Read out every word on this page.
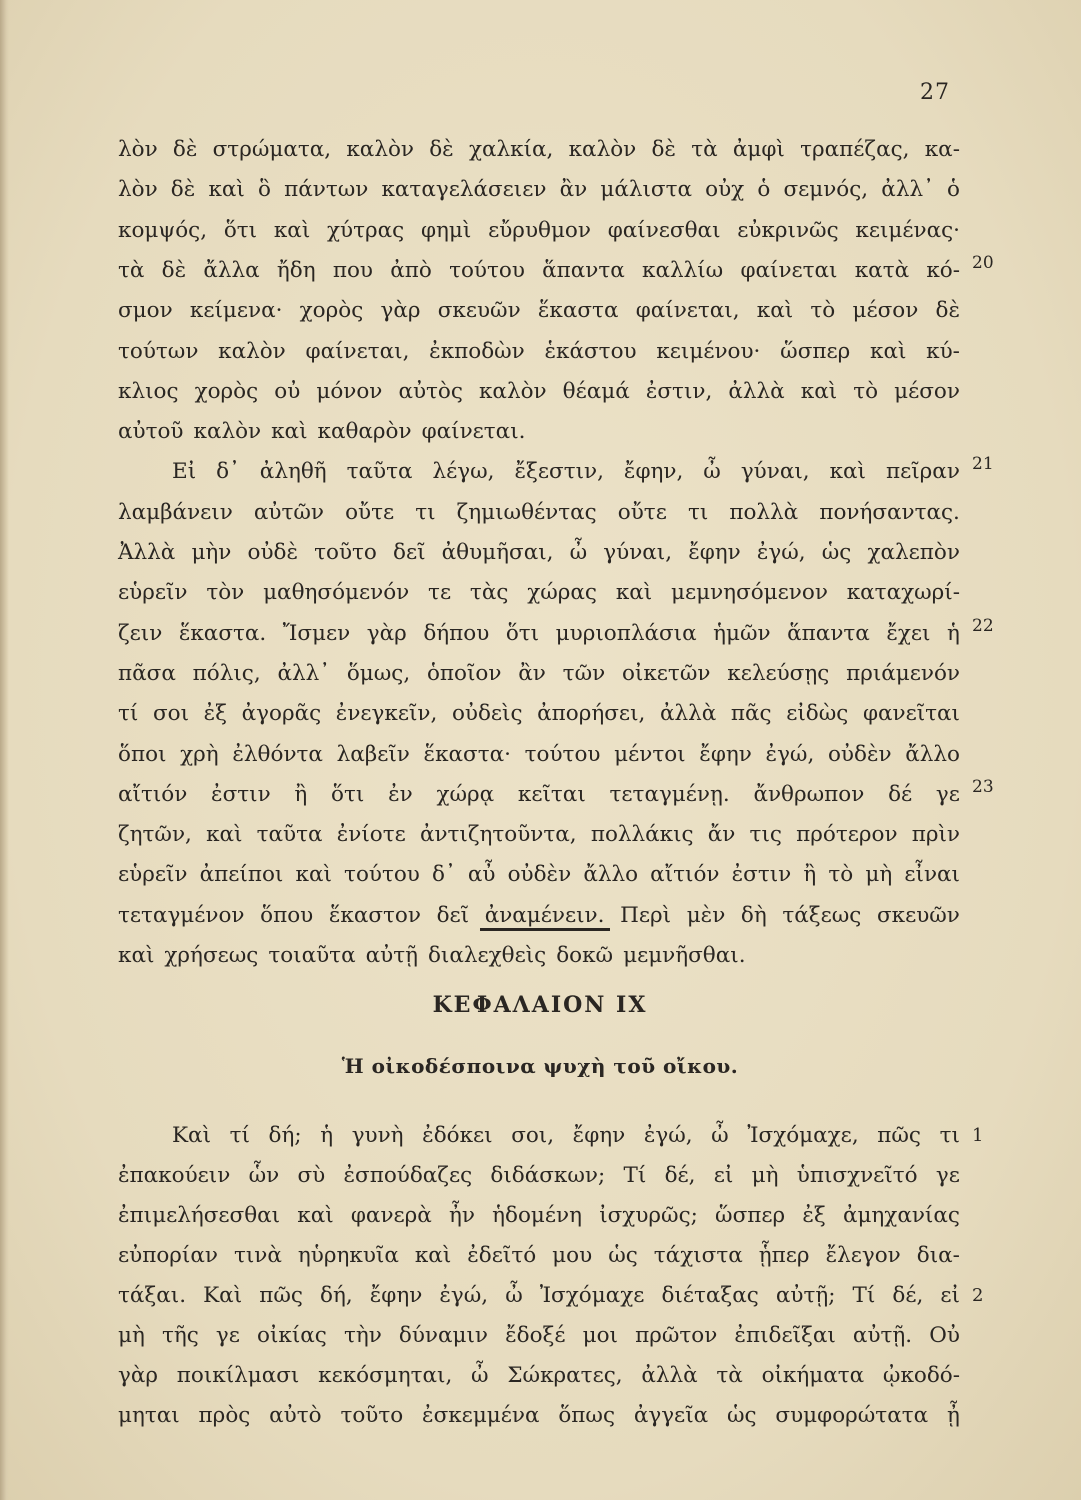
27
λὸν δὲ στρώματα, καλὸν δὲ χαλκία, καλὸν δὲ τὰ ἀμφὶ τραπέζας, κα-
λὸν δὲ καὶ ὃ πάντων καταγελάσειεν ἂν μάλιστα οὐχ ὁ σεμνός, ἀλλ᾽ ὁ
κομψός, ὅτι καὶ χύτρας φημὶ εὔρυθμον φαίνεσθαι εὐκρινῶς κειμένας·
τὰ δὲ ἄλλα ἤδη που ἀπὸ τούτου ἅπαντα καλλίω φαίνεται κατὰ κό-
σμον κείμενα· χορὸς γὰρ σκευῶν ἕκαστα φαίνεται, καὶ τὸ μέσον δὲ
τούτων καλὸν φαίνεται, ἐκποδὼν ἑκάστου κειμένου· ὥσπερ καὶ κύ-
κλιος χορὸς οὐ μόνον αὐτὸς καλὸν θέαμά ἐστιν, ἀλλὰ καὶ τὸ μέσον
αὐτοῦ καλὸν καὶ καθαρὸν φαίνεται.
Εἰ δ᾽ ἀληθῆ ταῦτα λέγω, ἔξεστιν, ἔφην, ὦ γύναι, καὶ πεῖραν
λαμβάνειν αὐτῶν οὔτε τι ζημιωθέντας οὔτε τι πολλὰ πονήσαντας.
Ἀλλὰ μὴν οὐδὲ τοῦτο δεῖ ἀθυμῆσαι, ὦ γύναι, ἔφην ἐγώ, ὡς χαλεπὸν
εὑρεῖν τὸν μαθησόμενόν τε τὰς χώρας καὶ μεμνησόμενον καταχωρί-
ζειν ἕκαστα. Ἴσμεν γὰρ δήπου ὅτι μυριοπλάσια ἡμῶν ἅπαντα ἔχει ἡ
πᾶσα πόλις, ἀλλ᾽ ὅμως, ὁποῖον ἂν τῶν οἰκετῶν κελεύσῃς πριάμενόν
τί σοι ἐξ ἀγορᾶς ἐνεγκεῖν, οὐδεὶς ἀπορήσει, ἀλλὰ πᾶς εἰδὼς φανεῖται
ὅποι χρὴ ἐλθόντα λαβεῖν ἕκαστα· τούτου μέντοι ἔφην ἐγώ, οὐδὲν ἄλλο
αἴτιόν ἐστιν ἢ ὅτι ἐν χώρᾳ κεῖται τεταγμένῃ. ἄνθρωπον δέ γε
ζητῶν, καὶ ταῦτα ἐνίοτε ἀντιζητοῦντα, πολλάκις ἄν τις πρότερον πρὶν
εὑρεῖν ἀπείποι καὶ τούτου δ᾽ αὖ οὐδὲν ἄλλο αἴτιόν ἐστιν ἢ τὸ μὴ εἶναι
τεταγμένον ὅπου ἕκαστον δεῖ ἀναμένειν. Περὶ μὲν δὴ τάξεως σκευῶν
καὶ χρήσεως τοιαῦτα αὐτῇ διαλεχθεὶς δοκῶ μεμνῆσθαι.
20
21
22
23
ΚΕΦΑΛΑΙΟΝ IX
Ἡ οἰκοδέσποινα ψυχὴ τοῦ οἴκου.
Καὶ τί δή; ἡ γυνὴ ἐδόκει σοι, ἔφην ἐγώ, ὦ Ἰσχόμαχε, πῶς τι
ἐπακούειν ὧν σὺ ἐσπούδαζες διδάσκων; Τί δέ, εἰ μὴ ὑπισχνεῖτό γε
ἐπιμελήσεσθαι καὶ φανερὰ ἦν ἡδομένη ἰσχυρῶς; ὥσπερ ἐξ ἀμηχανίας
εὐπορίαν τινὰ ηὑρηκυῖα καὶ ἐδεῖτό μου ὡς τάχιστα ᾗπερ ἔλεγον δια-
τάξαι. Καὶ πῶς δή, ἔφην ἐγώ, ὦ Ἰσχόμαχε διέταξας αὐτῇ; Τί δέ, εἰ
μὴ τῆς γε οἰκίας τὴν δύναμιν ἔδοξέ μοι πρῶτον ἐπιδεῖξαι αὐτῇ. Οὐ
γὰρ ποικίλμασι κεκόσμηται, ὦ Σώκρατες, ἀλλὰ τὰ οἰκήματα ᾠκοδό-
μηται πρὸς αὐτὸ τοῦτο ἐσκεμμένα ὅπως ἀγγεῖα ὡς συμφορώτατα ᾖ
1
2
